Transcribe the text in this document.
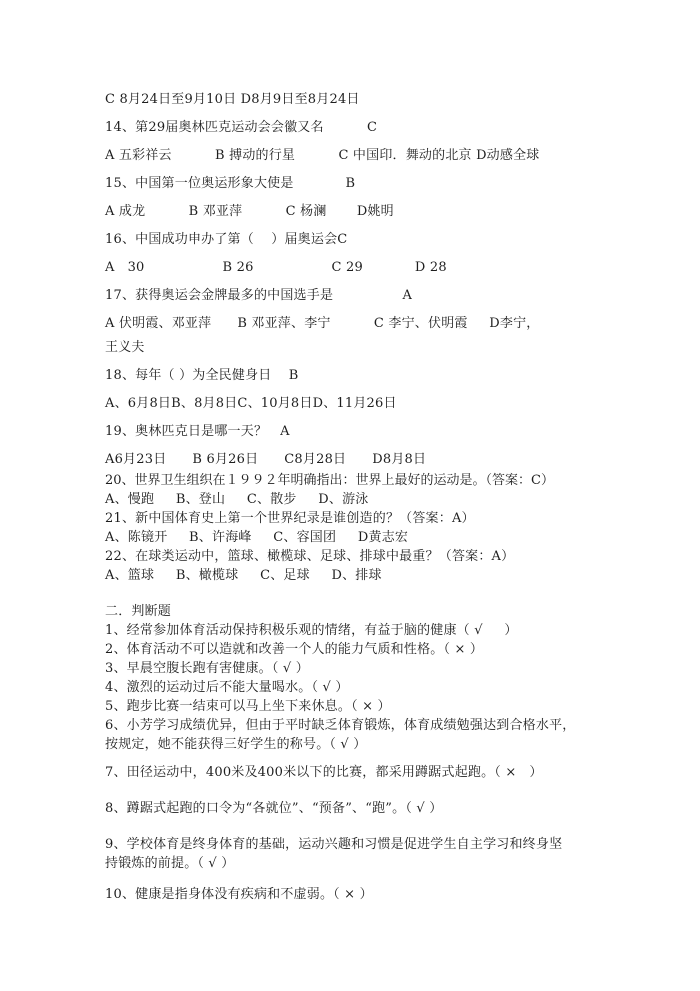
C 8月24日至9月10日 D8月9日至8月24日
14、第29届奥林匹克运动会会徽又名          C
A 五彩祥云          B 搏动的行星          C 中国印．舞动的北京 D动感全球
15、中国第一位奥运形象大使是            B
A 成龙          B 邓亚萍          C 杨澜       D姚明
16、中国成功申办了第（    ）届奥运会C
A   30                  B 26                  C 29            D 28
17、获得奥运会金牌最多的中国选手是                A
A 伏明霞、邓亚萍      B 邓亚萍、李宁          C 李宁、伏明霞     D李宁，
王义夫
18、每年（ ）为全民健身日    B
A、6月8日B、8月8日C、10月8日D、11月26日
19、奥林匹克日是哪一天？   A
A6月23日      B 6月26日      C8月28日      D8月8日
20、世界卫生组织在１９９２年明确指出：世界上最好的运动是。（答案：C）
A、慢跑     B、登山     C、散步     D、游泳
21、新中国体育史上第一个世界纪录是谁创造的？（答案：A）
A、陈镜开     B、许海峰     C、容国团     D黄志宏
22、在球类运动中，篮球、橄榄球、足球、排球中最重？（答案：A）
A、篮球     B、橄榄球     C、足球     D、排球
二．判断题
1、经常参加体育活动保持积极乐观的情绪，有益于脑的健康（ √     ）
2、体育活动不可以造就和改善一个人的能力气质和性格。（ × ）
3、早晨空腹长跑有害健康。（ √ ）
4、激烈的运动过后不能大量喝水。（ √ ）
5、跑步比赛一结束可以马上坐下来休息。（ × ）
6、小芳学习成绩优异，但由于平时缺乏体育锻炼，体育成绩勉强达到合格水平，
按规定，她不能获得三好学生的称号。（ √ ）
7、田径运动中，400米及400米以下的比赛，都采用蹲踞式起跑。（ ×   ）
8、蹲踞式起跑的口令为“各就位”、“预备”、“跑”。（ √ ）
9、学校体育是终身体育的基础，运动兴趣和习惯是促进学生自主学习和终身坚
持锻炼的前提。（ √ ）
10、健康是指身体没有疾病和不虚弱。（ × ）
